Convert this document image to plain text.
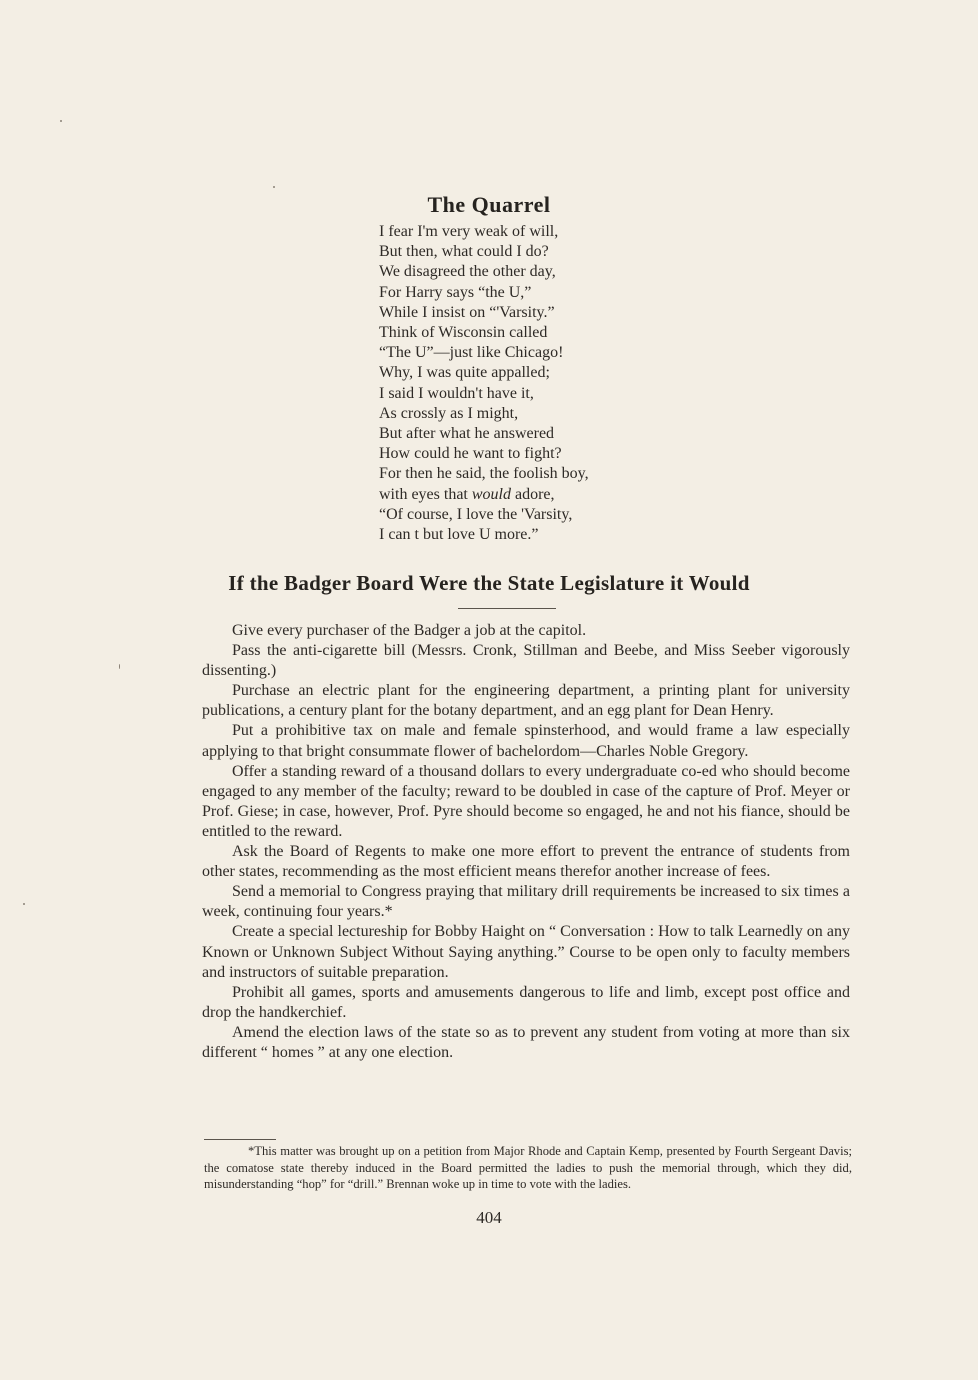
The Quarrel
I fear I'm very weak of will,
But then, what could I do?
We disagreed the other day,
For Harry says “the U,”
While I insist on “'Varsity.”
Think of Wisconsin called
“The U”—just like Chicago!
Why, I was quite appalled;
I said I wouldn't have it,
As crossly as I might,
But after what he answered
How could he want to fight?
For then he said, the foolish boy,
with eyes that would adore,
“Of course, I love the 'Varsity,
I can t but love U more.”
If the Badger Board Were the State Legislature it Would

Give every purchaser of the Badger a job at the capitol.

Pass the anti-cigarette bill (Messrs. Cronk, Stillman and Beebe, and Miss Seeber vigorously dissenting.)

Purchase an electric plant for the engineering department, a printing plant for university publications, a century plant for the botany department, and an egg plant for Dean Henry.

Put a prohibitive tax on male and female spinsterhood, and would frame a law especially applying to that bright consummate flower of bachelordom—Charles Noble Gregory.

Offer a standing reward of a thousand dollars to every undergraduate co-ed who should become engaged to any member of the faculty; reward to be doubled in case of the capture of Prof. Meyer or Prof. Giese; in case, however, Prof. Pyre should become so engaged, he and not his fiance, should be entitled to the reward.

Ask the Board of Regents to make one more effort to prevent the entrance of students from other states, recommending as the most efficient means therefor another increase of fees.

Send a memorial to Congress praying that military drill requirements be increased to six times a week, continuing four years.*

Create a special lectureship for Bobby Haight on “ Conversation : How to talk Learnedly on any Known or Unknown Subject Without Saying anything.” Course to be open only to faculty members and instructors of suitable preparation.

Prohibit all games, sports and amusements dangerous to life and limb, except post office and drop the handkerchief.

Amend the election laws of the state so as to prevent any student from voting at more than six different “ homes ” at any one election.

*This matter was brought up on a petition from Major Rhode and Captain Kemp, presented by Fourth Sergeant Davis; the comatose state thereby induced in the Board permitted the ladies to push the memorial through, which they did, misunderstanding “hop” for “drill.” Brennan woke up in time to vote with the ladies.

404
